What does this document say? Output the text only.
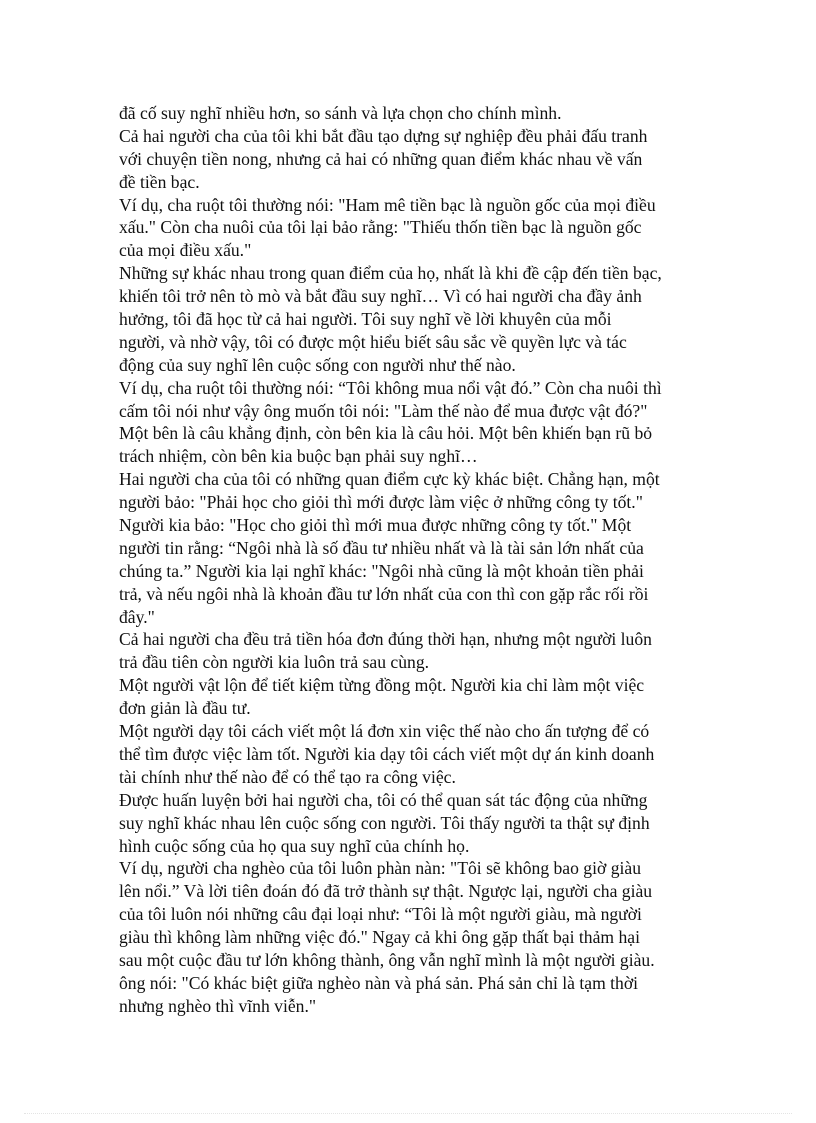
đã cố suy nghĩ nhiều hơn, so sánh và lựa chọn cho chính mình.
Cả hai người cha của tôi khi bắt đầu tạo dựng sự nghiệp đều phải đấu tranh
với chuyện tiền nong, nhưng cả hai có những quan điểm khác nhau về vấn
đề tiền bạc.
Ví dụ, cha ruột tôi thường nói: "Ham mê tiền bạc là nguồn gốc của mọi điều
xấu." Còn cha nuôi của tôi lại bảo rằng: "Thiếu thốn tiền bạc là nguồn gốc
của mọi điều xấu."
Những sự khác nhau trong quan điểm của họ, nhất là khi đề cập đến tiền bạc,
khiến tôi trở nên tò mò và bắt đầu suy nghĩ… Vì có hai người cha đầy ảnh
hưởng, tôi đã học từ cả hai người. Tôi suy nghĩ về lời khuyên của mỗi
người, và nhờ vậy, tôi có được một hiểu biết sâu sắc về quyền lực và tác
động của suy nghĩ lên cuộc sống con người như thế nào.
Ví dụ, cha ruột tôi thường nói: “Tôi không mua nổi vật đó.” Còn cha nuôi thì
cấm tôi nói như vậy ông muốn tôi nói: "Làm thế nào để mua được vật đó?"
Một bên là câu khẳng định, còn bên kia là câu hỏi. Một bên khiến bạn rũ bỏ
trách nhiệm, còn bên kia buộc bạn phải suy nghĩ…
Hai người cha của tôi có những quan điểm cực kỳ khác biệt. Chẳng hạn, một
người bảo: "Phải học cho giỏi thì mới được làm việc ở những công ty tốt."
Người kia bảo: "Học cho giỏi thì mới mua được những công ty tốt." Một
người tin rằng: “Ngôi nhà là số đầu tư nhiều nhất và là tài sản lớn nhất của
chúng ta.” Người kia lại nghĩ khác: "Ngôi nhà cũng là một khoản tiền phải
trả, và nếu ngôi nhà là khoản đầu tư lớn nhất của con thì con gặp rắc rối rồi
đây."
Cả hai người cha đều trả tiền hóa đơn đúng thời hạn, nhưng một người luôn
trả đầu tiên còn người kia luôn trả sau cùng.
Một người vật lộn để tiết kiệm từng đồng một. Người kia chỉ làm một việc
đơn giản là đầu tư.
Một người dạy tôi cách viết một lá đơn xin việc thế nào cho ấn tượng để có
thể tìm được việc làm tốt. Người kia dạy tôi cách viết một dự án kinh doanh
tài chính như thế nào để có thể tạo ra công việc.
Được huấn luyện bởi hai người cha, tôi có thể quan sát tác động của những
suy nghĩ khác nhau lên cuộc sống con người. Tôi thấy người ta thật sự định
hình cuộc sống của họ qua suy nghĩ của chính họ.
Ví dụ, người cha nghèo của tôi luôn phàn nàn: "Tôi sẽ không bao giờ giàu
lên nổi.” Và lời tiên đoán đó đã trở thành sự thật. Ngược lại, người cha giàu
của tôi luôn nói những câu đại loại như: “Tôi là một người giàu, mà người
giàu thì không làm những việc đó." Ngay cả khi ông gặp thất bại thảm hại
sau một cuộc đầu tư lớn không thành, ông vẫn nghĩ mình là một người giàu.
ông nói: "Có khác biệt giữa nghèo nàn và phá sản. Phá sản chỉ là tạm thời
nhưng nghèo thì vĩnh viễn."
